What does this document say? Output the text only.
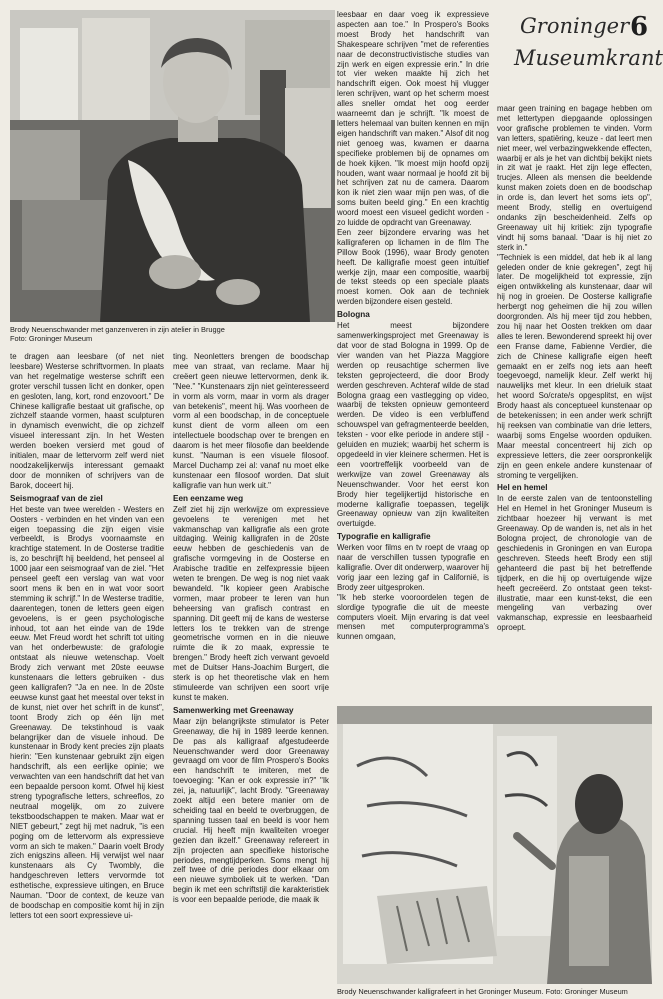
Groninger
Museumkrant
6
Brody Neuenschwander met ganzenveren in zijn atelier in Brugge
Foto: Groninger Museum

te dragen aan leesbare (of net niet leesbare) Westerse schriftvormen. In plaats van het regelmatige westerse schrift een groter verschil tussen licht en donker, open en gesloten, lang, kort, rond enzovoort." De Chinese kalligrafie bestaat uit grafische, op zichzelf staande vormen, haast sculpturen in dynamisch evenwicht, die op zichzelf visueel interessant zijn. In het Westen werden boeken versierd met goud of initialen, maar de lettervorm zelf werd niet noodzakelijkerwijs interessant gemaakt door de monniken of schrijvers van de Barok, doceert hij.

Seismograaf van de ziel

Het beste van twee werelden - Westers en Oosters - verbinden en het vinden van een eigen toepassing die zijn eigen visie verbeeldt, is Brodys voornaamste en krachtige statement. In de Oosterse traditie is, zo beschrijft hij beeldend, het penseel al 1000 jaar een seismograaf van de ziel. "Het penseel geeft een verslag van wat voor soort mens ik ben en in wat voor soort stemming ik schrijf." In de Westerse traditie, daarentegen, tonen de letters geen eigen gevoelens, is er geen psychologische inhoud, tot aan het einde van de 19de eeuw. Met Freud wordt het schrift tot uiting van het onderbewuste: de grafologie ontstaat als nieuwe wetenschap. Voelt Brody zich verwant met 20ste eeuwse kunstenaars die letters gebruiken - dus geen kalligrafen? "Ja en nee. In de 20ste eeuwse kunst gaat het meestal over tekst in de kunst, niet over het schrift in de kunst", toont Brody zich op één lijn met Greenaway. De tekstinhoud is vaak belangrijker dan de visuele inhoud. De kunstenaar in Brody kent precies zijn plaats hierin: "Een kunstenaar gebruikt zijn eigen handschrift, als een eerlijke opinie; we verwachten van een handschrift dat het van een bepaalde persoon komt. Ofwel hij kiest streng typografische letters, schreeflos, zo neutraal mogelijk, om zo zuivere tekstboodschappen te maken. Maar wat er NIET gebeurt," zegt hij met nadruk, "is een poging om de lettervorm als expressieve vorm an sich te maken." Daarin voelt Brody zich enigszins alleen. Hij verwijst wel naar kunstenaars als Cy Twombly, die handgeschreven letters vervormde tot esthetische, expressieve uitingen, en Bruce Nauman. "Door de context, de keuze van de boodschap en compositie komt hij in zijn letters tot een soort expressieve ui-

ting. Neonletters brengen de boodschap mee van straat, van reclame. Maar hij creëert geen nieuwe lettervormen, denk ik. "Nee." "Kunstenaars zijn niet geïnteresseerd in vorm als vorm, maar in vorm als drager van betekenis", meent hij. Was voorheen de vorm al een boodschap, in de conceptuele kunst dient de vorm alleen om een intellectuele boodschap over te brengen en daarom is het meer filosofie dan beeldende kunst. "Nauman is een visuele filosoof. Marcel Duchamp zei al: vanaf nu moet elke kunstenaar een filosoof worden. Dat sluit kalligrafie van hun werk uit."

Een eenzame weg

Zelf ziet hij zijn werkwijze om expressieve gevoelens te verenigen met het vakmanschap van kalligrafie als een grote uitdaging. Weinig kalligrafen in de 20ste eeuw hebben de geschiedenis van de grafische vormgeving in de Oosterse en Arabische traditie en zelfexpressie bijeen weten te brengen. De weg is nog niet vaak bewandeld. "Ik kopieer geen Arabische vormen, maar probeer te leren van hun beheersing van grafisch contrast en spanning. Dit geeft mij de kans de westerse letters los te trekken van de strenge geometrische vormen en in die nieuwe ruimte die ik zo maak, expressie te brengen." Brody heeft zich verwant gevoeld met de Duitser Hans-Joachim Burgert, die sterk is op het theoretische vlak en hem stimuleerde van schrijven een soort vrije kunst te maken.

Samenwerking met Greenaway

Maar zijn belangrijkste stimulator is Peter Greenaway, die hij in 1989 leerde kennen. De pas als kalligraaf afgestudeerde Neuenschwander werd door Greenaway gevraagd om voor de film Prospero's Books een handschrift te imiteren, met de toevoeging: "Kan er ook expressie in?" "Ik zei, ja, natuurlijk", lacht Brody. "Greenaway zoekt altijd een betere manier om de scheiding taal en beeld te overbruggen, de spanning tussen taal en beeld is voor hem crucial. Hij heeft mijn kwaliteiten vroeger gezien dan ikzelf." Greenaway refereert in zijn projecten aan specifieke historische periodes, mengtijdperken. Soms mengt hij zelf twee of drie periodes door elkaar om een nieuwe symboliek uit te werken. "Dan begin ik met een schriftstijl die karakteristiek is voor een bepaalde periode, die maak ik

leesbaar en daar voeg ik expressieve aspecten aan toe." In Prospero's Books moest Brody het handschrift van Shakespeare schrijven "met de referenties naar de deconstructivistische studies van zijn werk en eigen expressie erin." In drie tot vier weken maakte hij zich het handschrift eigen. Ook moest hij vlugger leren schrijven, want op het scherm moest alles sneller omdat het oog eerder waarneemt dan je schrijft. "Ik moest de letters helemaal van buiten kennen en mijn eigen handschrift van maken." Alsof dit nog niet genoeg was, kwamen er daarna specifieke problemen bij de opnames om de hoek kijken. "Ik moest mijn hoofd opzij houden, want waar normaal je hoofd zit bij het schrijven zat nu de camera. Daarom kon ik niet zien waar mijn pen was, of die soms buiten beeld ging." En een krachtig woord moest een visueel gedicht worden - zo luidde de opdracht van Greenaway.

Een zeer bijzondere ervaring was het kalligraferen op lichamen in de film The Pillow Book (1996), waar Brody genoten heeft. De kalligrafie moest geen intuïtief werkje zijn, maar een compositie, waarbij de tekst steeds op een speciale plaats moest komen. Ook aan de techniek werden bijzondere eisen gesteld.

Bologna

Het meest bijzondere samenwerkingsproject met Greenaway is dat voor de stad Bologna in 1999. Op de vier wanden van het Piazza Maggiore werden op reusachtige schermen live teksten geprojecteerd, die door Brody werden geschreven. Achteraf wilde de stad Bologna graag een vastlegging op video, waarbij de teksten opnieuw gemonteerd werden. De video is een verbluffend schouwspel van gefragmenteerde beelden, teksten - voor elke periode in andere stijl - geluiden en muziek; waarbij het scherm is opgedeeld in vier kleinere schermen. Het is een voortreffelijk voorbeeld van de werkwijze van zowel Greenaway als Neuenschwander. Voor het eerst kon Brody hier tegelijkertijd historische en moderne kalligrafie toepassen, tegelijk Greenaway opnieuw van zijn kwaliteiten overtuigde.

Typografie en kalligrafie

Werken voor films en tv roept de vraag op naar de verschillen tussen typografie en kalligrafie. Over dit onderwerp, waarover hij vorig jaar een lezing gaf in Californië, is Brody zeer uitgesproken.

"Ik heb sterke vooroordelen tegen de slordige typografie die uit de meeste computers vloeit. Mijn ervaring is dat veel mensen met computerprogramma's kunnen omgaan,

maar geen training en bagage hebben om met lettertypen diepgaande oplossingen voor grafische problemen te vinden. Vorm van letters, spatiëring, keuze - dat leert men niet meer, wel verbazingwekkende effecten, waarbij er als je het van dichtbij bekijkt niets in zit wat je raakt. Het zijn lege effecten, trucjes. Alleen als mensen die beeldende kunst maken zoiets doen en de boodschap in orde is, dan levert het soms iets op", meent Brody, stellig en overtuigend ondanks zijn bescheidenheid. Zelfs op Greenaway uit hij kritiek: zijn typografie vindt hij soms banaal. "Daar is hij niet zo sterk in."

"Techniek is een middel, dat heb ik al lang geleden onder de knie gekregen", zegt hij later. De mogelijkheid tot expressie, zijn eigen ontwikkeling als kunstenaar, daar wil hij nog in groeien. De Oosterse kalligrafie herbergt nog geheimen die hij zou willen doorgronden. Als hij meer tijd zou hebben, zou hij naar het Oosten trekken om daar alles te leren. Bewonderend spreekt hij over een Franse dame, Fabienne Verdier, die zich de Chinese kalligrafie eigen heeft gemaakt en er zelfs nog iets aan heeft toegevoegd, namelijk kleur. Zelf werkt hij nauwelijks met kleur. In een drieluik staat het woord So/crate/s opgesplitst, en wijst Brody haast als conceptueel kunstenaar op de betekenissen; in een ander werk schrijft hij reeksen van combinatie van drie letters, waarbij soms Engelse woorden opduiken. Maar meestal concentreert hij zich op expressieve letters, die zeer oorspronkelijk zijn en geen enkele andere kunstenaar of stroming te vergelijken.

Hel en hemel

In de eerste zalen van de tentoonstelling Hel en Hemel in het Groninger Museum is zichtbaar hoezeer hij verwant is met Greenaway. Op de wanden is, net als in het Bologna project, de chronologie van de geschiedenis in Groningen en van Europa geschreven. Steeds heeft Brody een stijl gehanteerd die past bij het betreffende tijdperk, en die hij op overtuigende wijze heeft gecreëerd. Zo ontstaat geen tekst-illustratie, maar een kunst-tekst, die een mengeling van verbazing over vakmanschap, expressie en leesbaarheid oproept.

Brody Neuenschwander kalligrafeert in het Groninger Museum. Foto: Groninger Museum
